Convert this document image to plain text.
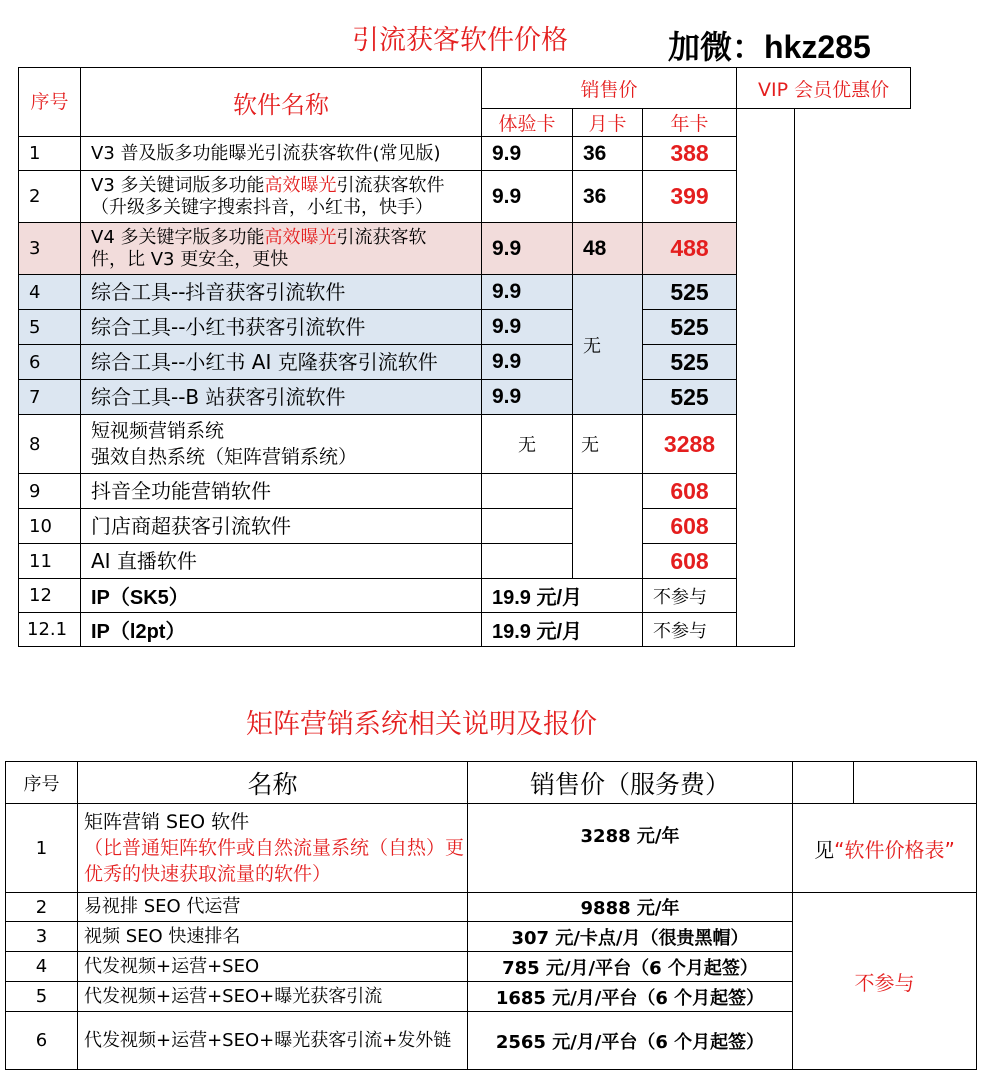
引流获客软件价格	加微：hkz285
序号	软件名称	销售价			VIP 会员优惠价	
		体验卡	月卡	年卡		
1	V3 普及版多功能曝光引流获客软件(常见版)	9.9	36	388		
2	V3 多关键词版多功能高效曝光引流获客软件
（升级多关键字搜索抖音，小红书，快手）	9.9	36	399		
3	V4 多关键字版多功能高效曝光引流获客软
件，比 V3 更安全，更快	9.9	48	488		
4	综合工具--抖音获客引流软件	9.9	无	525		
5	综合工具--小红书获客引流软件	9.9		525		
6	综合工具--小红书 AI 克隆获客引流软件	9.9		525		
7	综合工具--B 站获客引流软件	9.9		525		
8	短视频营销系统
强效自热系统（矩阵营销系统）	无	无	3288		
9	抖音全功能营销软件			608		
10	门店商超获客引流软件			608		
11	AI 直播软件			608		
12	IP（SK5）	19.9 元/月		不参与		
12.1	IP（l2pt）	19.9 元/月		不参与		
矩阵营销系统相关说明及报价
序号	名称	销售价（服务费）		
1	矩阵营销 SEO 软件
（比普通矩阵软件或自然流量系统（自热）更优秀的快速获取流量的软件）	3288 元/年	见“软件价格表”	
2	易视排 SEO 代运营	9888 元/年	不参与	
3	视频 SEO 快速排名	307 元/卡点/月（很贵黑帽）		
4	代发视频+运营+SEO	785 元/月/平台（6 个月起签）		
5	代发视频+运营+SEO+曝光获客引流	1685 元/月/平台（6 个月起签）		
6	代发视频+运营+SEO+曝光获客引流+发外链	2565 元/月/平台（6 个月起签）		
